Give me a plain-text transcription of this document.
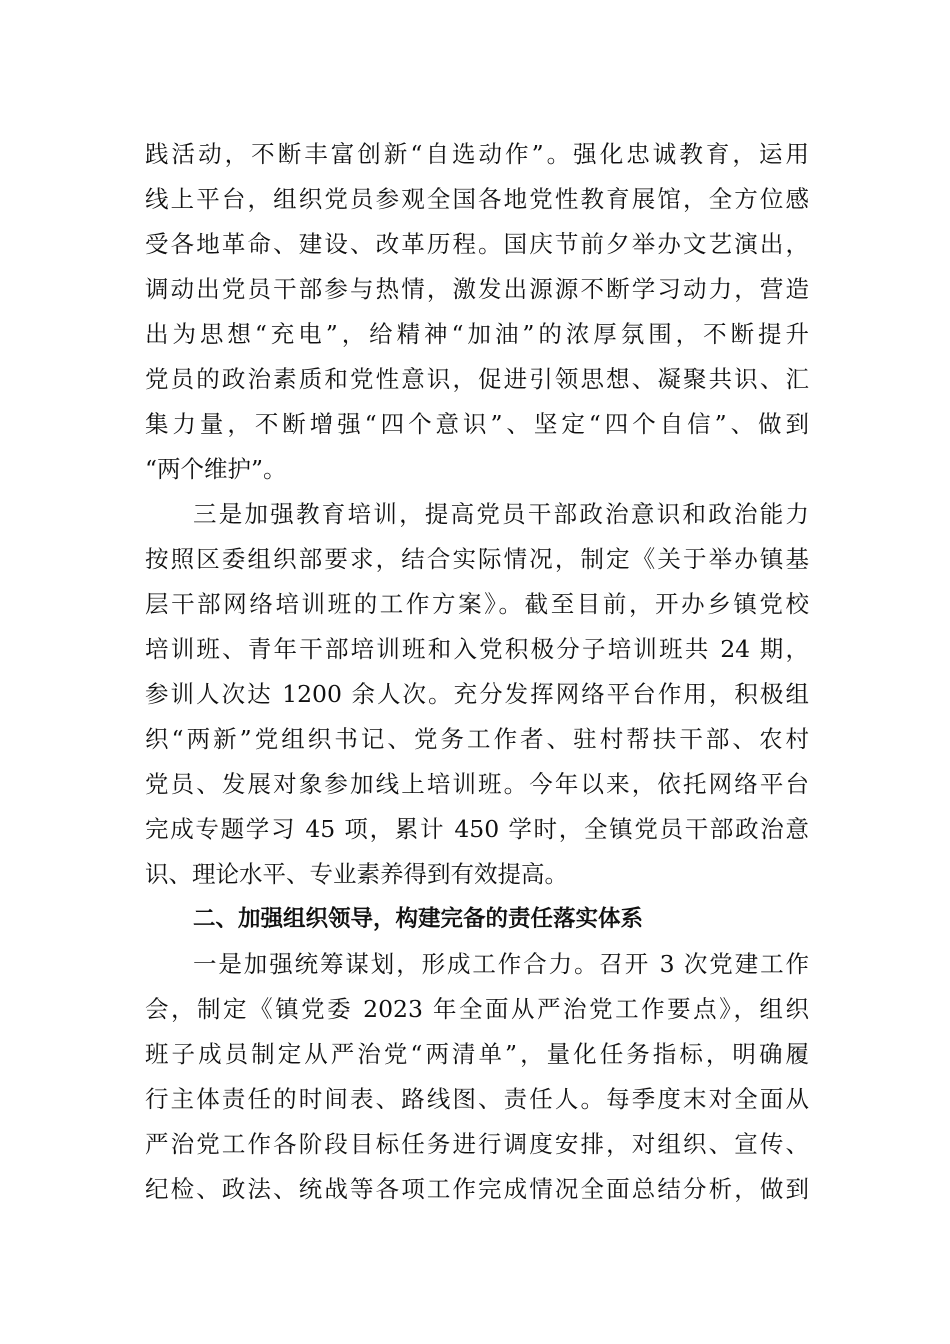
践活动，不断丰富创新“自选动作”。强化忠诚教育，运用
线上平台，组织党员参观全国各地党性教育展馆，全方位感
受各地革命、建设、改革历程。国庆节前夕举办文艺演出，
调动出党员干部参与热情，激发出源源不断学习动力，营造
出为思想“充电”，给精神“加油”的浓厚氛围，不断提升
党员的政治素质和党性意识，促进引领思想、凝聚共识、汇
集力量，不断增强“四个意识”、坚定“四个自信”、做到
“两个维护”。
三是加强教育培训，提高党员干部政治意识和政治能力
按照区委组织部要求，结合实际情况，制定《关于举办镇基
层干部网络培训班的工作方案》。截至目前，开办乡镇党校
培训班、青年干部培训班和入党积极分子培训班共 24 期，
参训人次达 1200 余人次。充分发挥网络平台作用，积极组
织“两新”党组织书记、党务工作者、驻村帮扶干部、农村
党员、发展对象参加线上培训班。今年以来，依托网络平台
完成专题学习 45 项，累计 450 学时，全镇党员干部政治意
识、理论水平、专业素养得到有效提高。
二、加强组织领导，构建完备的责任落实体系
一是加强统筹谋划，形成工作合力。召开 3 次党建工作
会，制定《镇党委 2023 年全面从严治党工作要点》，组织
班子成员制定从严治党“两清单”，量化任务指标，明确履
行主体责任的时间表、路线图、责任人。每季度末对全面从
严治党工作各阶段目标任务进行调度安排，对组织、宣传、
纪检、政法、统战等各项工作完成情况全面总结分析，做到
